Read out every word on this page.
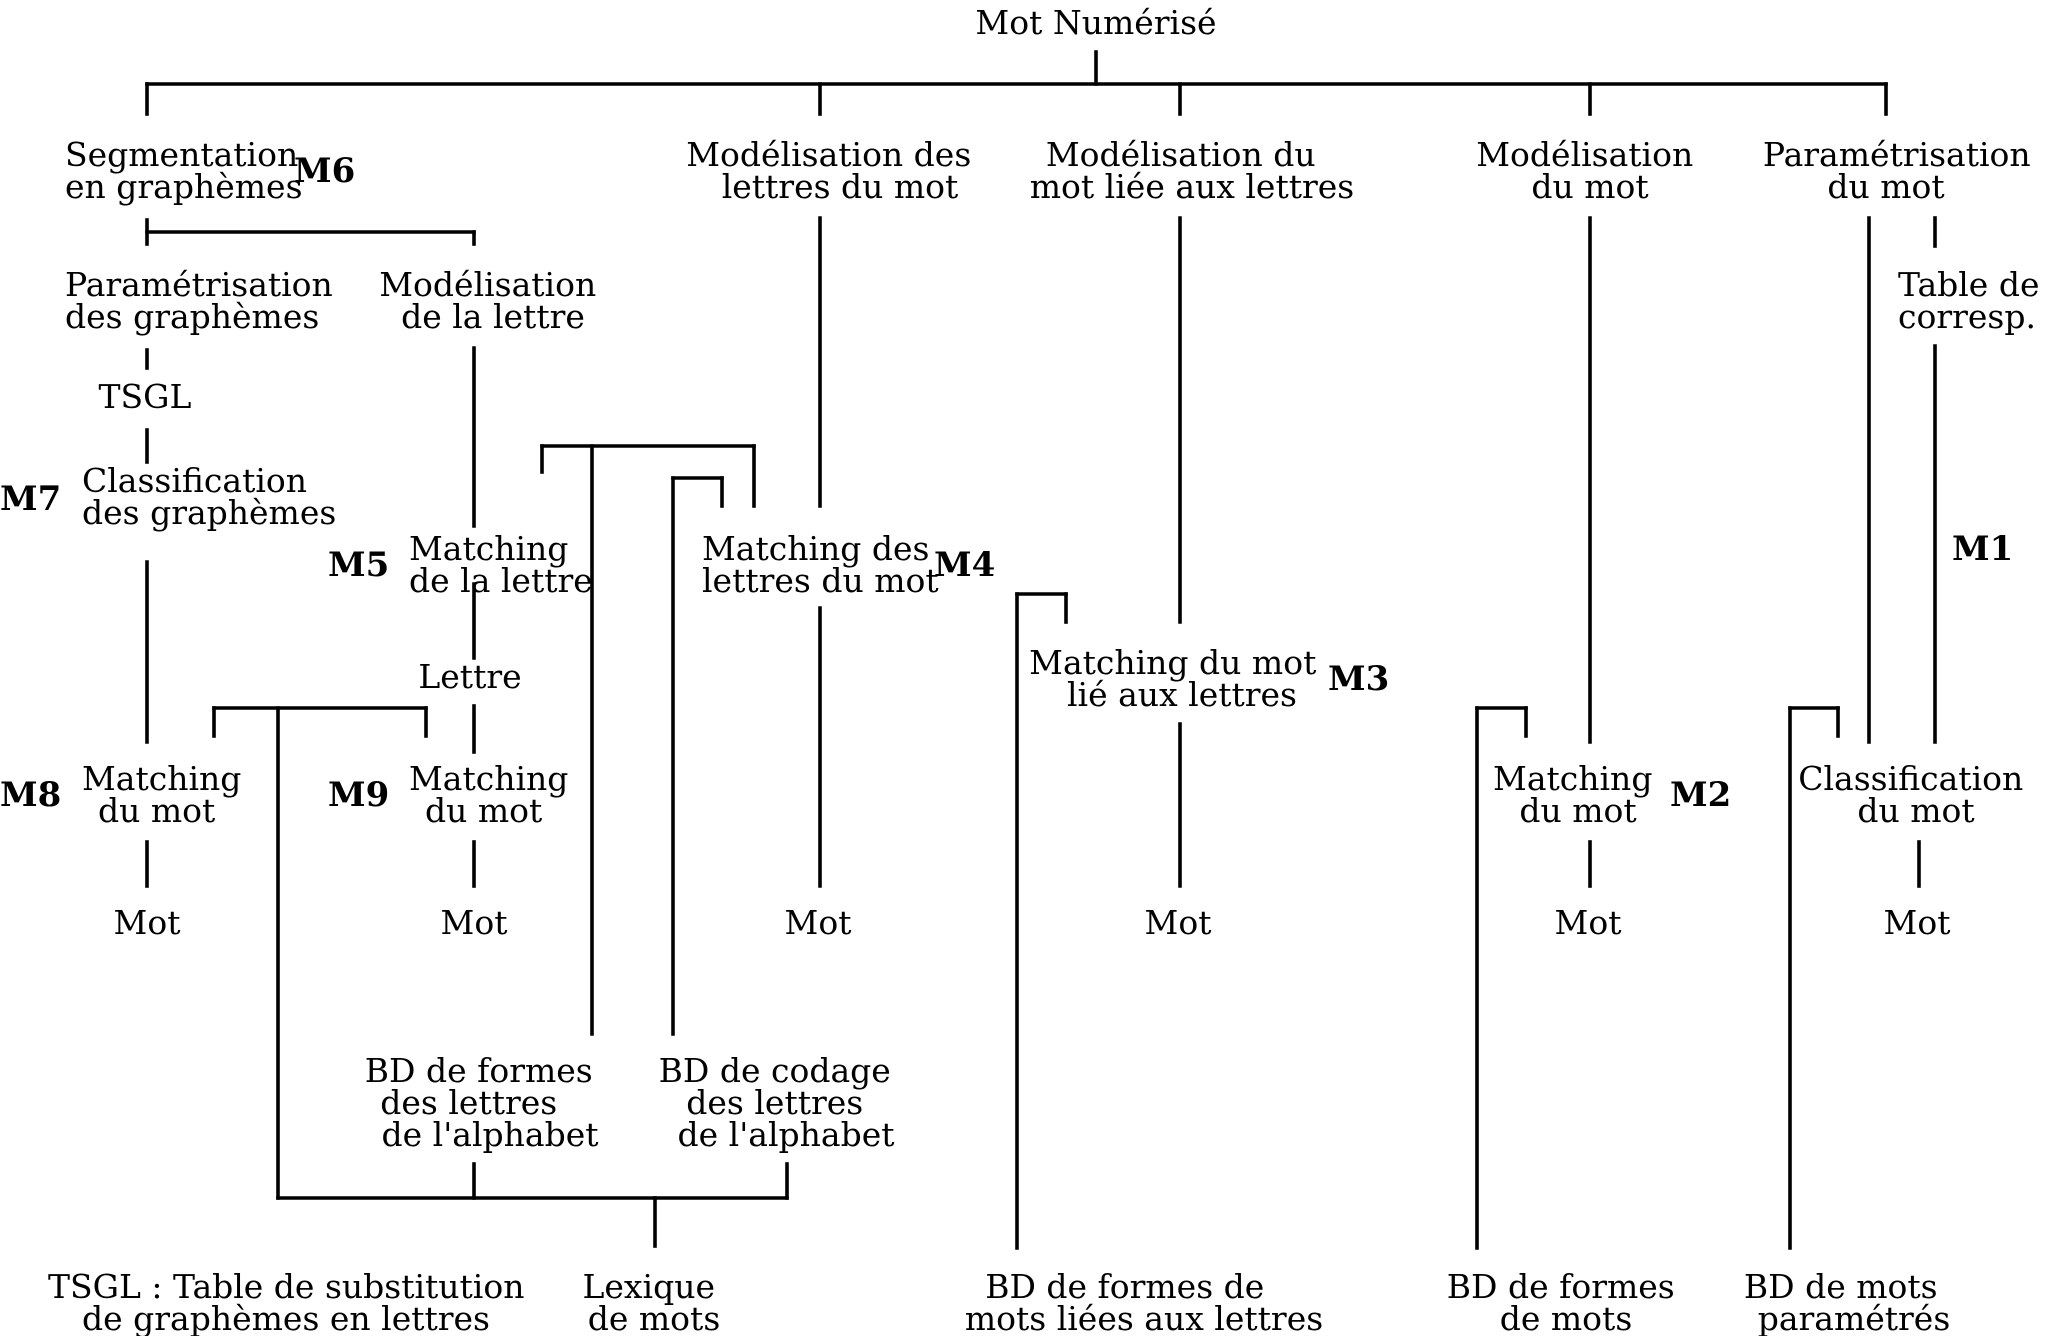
Mot Numérisé
Segmentation en graphèmes
Paramétrisation des graphèmes
TSGL
Classification des graphèmes
Modélisation de la lettre
Matching de la lettre
Lettre
Matching du mot
Matching du mot
Modélisation des lettres du mot
Matching des lettres du mot
Modélisation du mot liée aux lettres
Matching du mot lié aux lettres
Modélisation du mot
Matching du mot
Paramétrisation du mot
Table de corresp.
Classification du mot
Mot	Mot	Mot	Mot	Mot	Mot
BD de formes des lettres de l'alphabet
BD de codage des lettres de l'alphabet
Lexique de mots
BD de formes de mots liées aux lettres
BD de formes de mots
BD de mots paramétrés
TSGL : Table de substitution de graphèmes en lettres
M6
M7
M5	M4
M3
M8	M9	M2
M1
